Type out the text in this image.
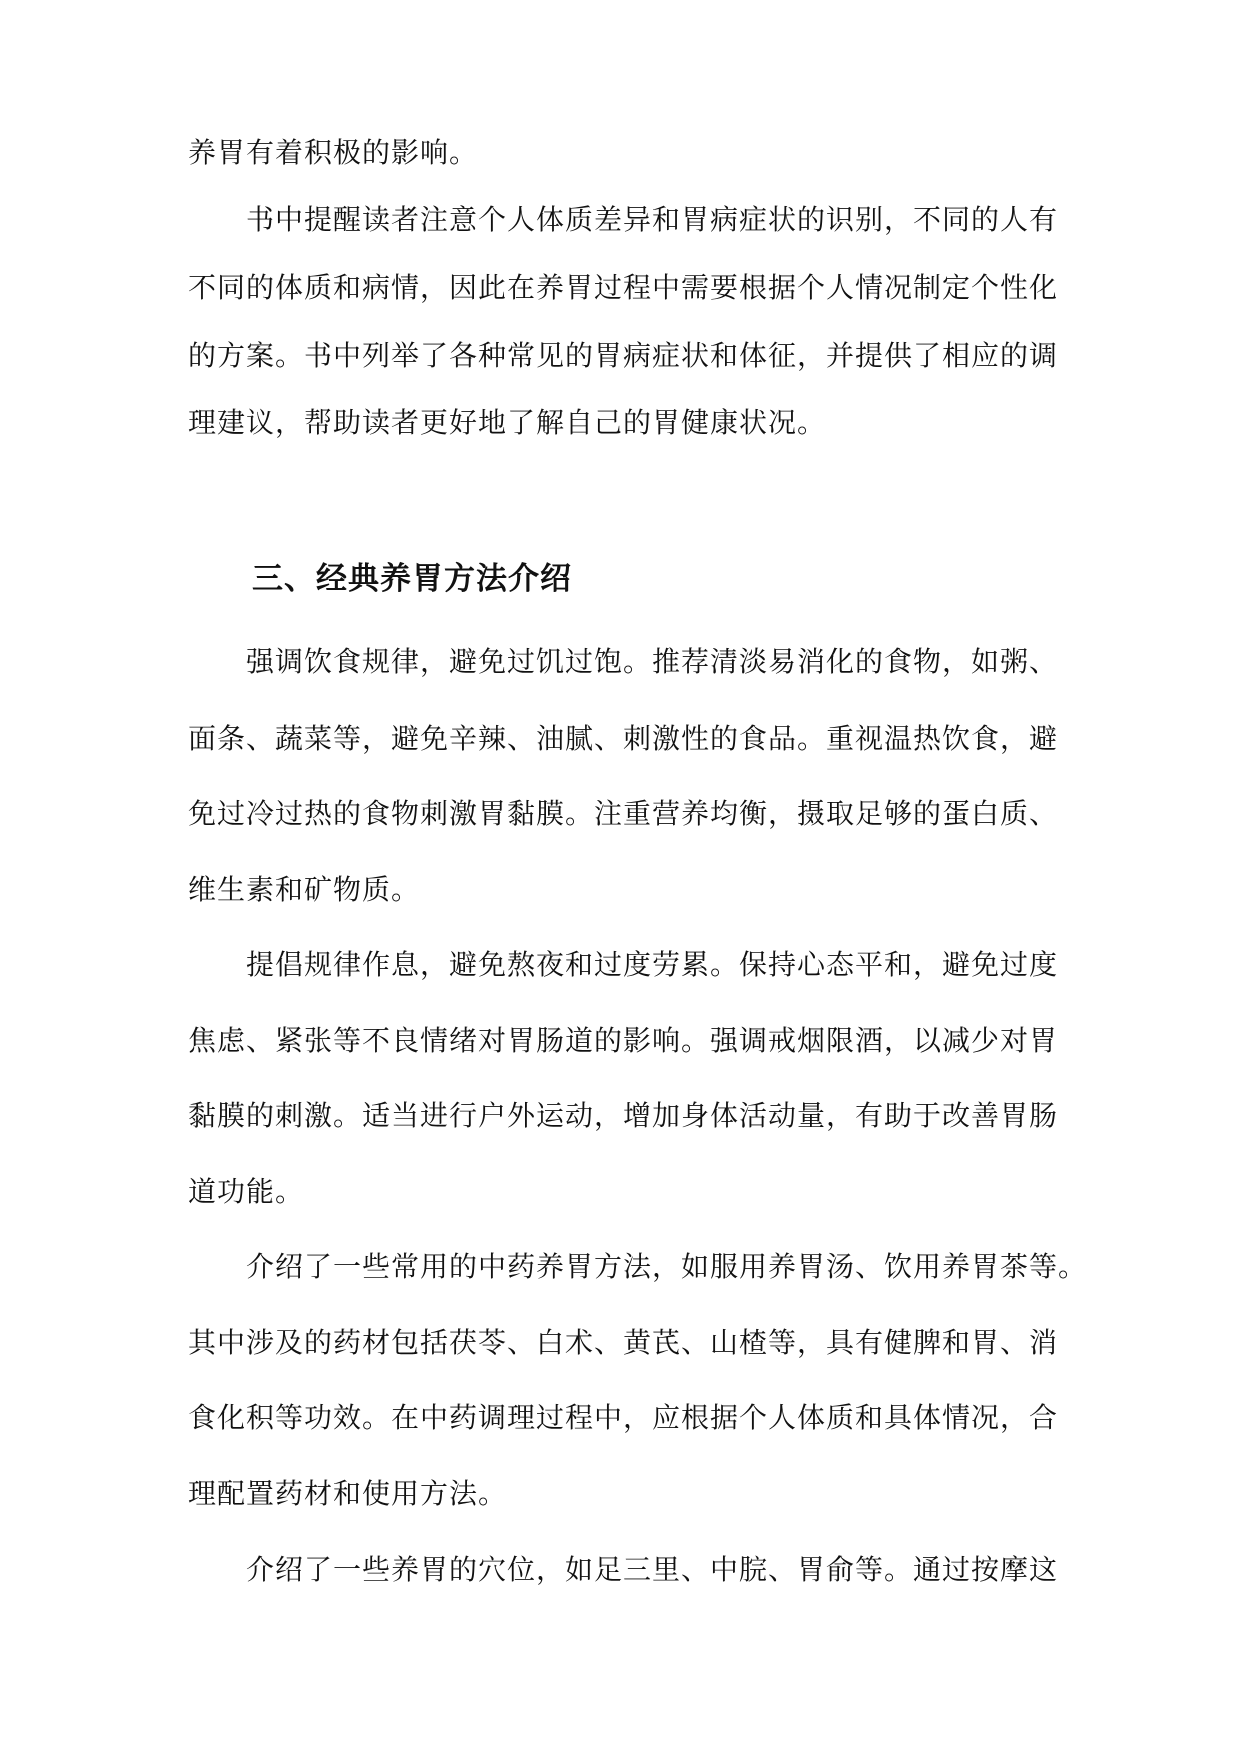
养胃有着积极的影响。
书中提醒读者注意个人体质差异和胃病症状的识别，不同的人有
不同的体质和病情，因此在养胃过程中需要根据个人情况制定个性化
的方案。书中列举了各种常见的胃病症状和体征，并提供了相应的调
理建议，帮助读者更好地了解自己的胃健康状况。
三、经典养胃方法介绍
强调饮食规律，避免过饥过饱。推荐清淡易消化的食物，如粥、
面条、蔬菜等，避免辛辣、油腻、刺激性的食品。重视温热饮食，避
免过冷过热的食物刺激胃黏膜。注重营养均衡，摄取足够的蛋白质、
维生素和矿物质。
提倡规律作息，避免熬夜和过度劳累。保持心态平和，避免过度
焦虑、紧张等不良情绪对胃肠道的影响。强调戒烟限酒，以减少对胃
黏膜的刺激。适当进行户外运动，增加身体活动量，有助于改善胃肠
道功能。
介绍了一些常用的中药养胃方法，如服用养胃汤、饮用养胃茶等。
其中涉及的药材包括茯苓、白术、黄芪、山楂等，具有健脾和胃、消
食化积等功效。在中药调理过程中，应根据个人体质和具体情况，合
理配置药材和使用方法。
介绍了一些养胃的穴位，如足三里、中脘、胃俞等。通过按摩这
